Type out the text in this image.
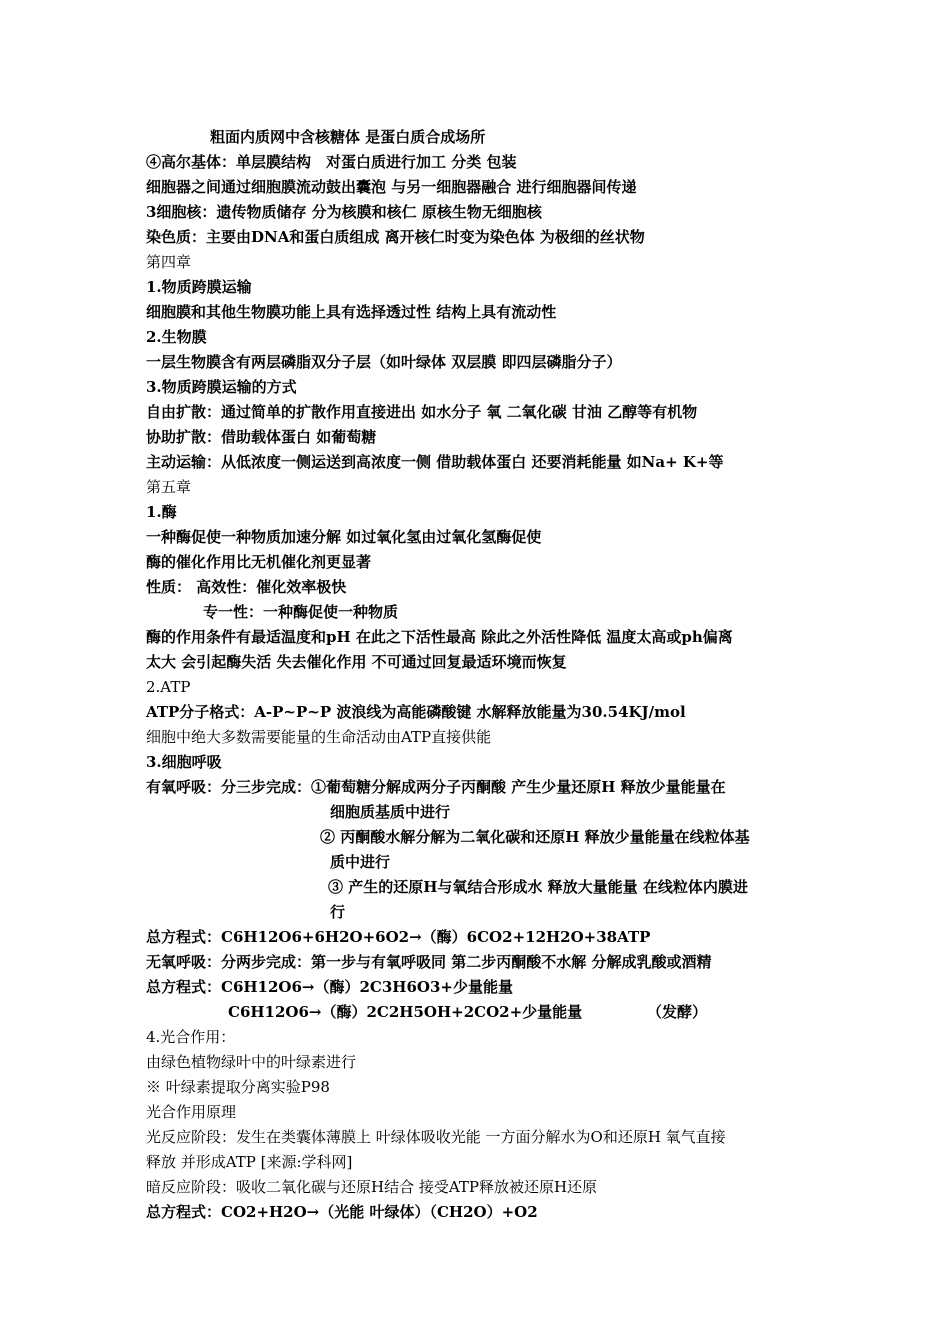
粗面内质网中含核糖体 是蛋白质合成场所
④高尔基体：单层膜结构　对蛋白质进行加工 分类 包装
细胞器之间通过细胞膜流动鼓出囊泡 与另一细胞器融合 进行细胞器间传递
3细胞核：遗传物质储存 分为核膜和核仁 原核生物无细胞核
染色质：主要由DNA和蛋白质组成 离开核仁时变为染色体 为极细的丝状物
第四章
1.物质跨膜运输
细胞膜和其他生物膜功能上具有选择透过性 结构上具有流动性
2.生物膜
一层生物膜含有两层磷脂双分子层（如叶绿体 双层膜 即四层磷脂分子）
3.物质跨膜运输的方式
自由扩散：通过简单的扩散作用直接进出 如水分子 氧 二氧化碳 甘油 乙醇等有机物
协助扩散：借助载体蛋白 如葡萄糖
主动运输：从低浓度一侧运送到高浓度一侧 借助载体蛋白 还要消耗能量 如Na+ K+等
第五章
1.酶
一种酶促使一种物质加速分解 如过氧化氢由过氧化氢酶促使
酶的催化作用比无机催化剂更显著
性质： 高效性：催化效率极快
专一性：一种酶促使一种物质
酶的作用条件有最适温度和pH 在此之下活性最高 除此之外活性降低 温度太高或ph偏离
太大 会引起酶失活 失去催化作用 不可通过回复最适环境而恢复
2.ATP
ATP分子格式：A-P~P~P 波浪线为高能磷酸键 水解释放能量为30.54KJ/mol
细胞中绝大多数需要能量的生命活动由ATP直接供能
3.细胞呼吸
有氧呼吸：分三步完成：①葡萄糖分解成两分子丙酮酸 产生少量还原H 释放少量能量在
细胞质基质中进行
② 丙酮酸水解分解为二氧化碳和还原H 释放少量能量在线粒体基
质中进行
③ 产生的还原H与氧结合形成水 释放大量能量 在线粒体内膜进
行
总方程式：C6H12O6+6H2O+6O2→（酶）6CO2+12H2O+38ATP
无氧呼吸：分两步完成：第一步与有氧呼吸同 第二步丙酮酸不水解 分解成乳酸或酒精
总方程式：C6H12O6→（酶）2C3H6O3+少量能量
C6H12O6→（酶）2C2H5OH+2CO2+少量能量	（发酵）
4.光合作用：
由绿色植物绿叶中的叶绿素进行
※ 叶绿素提取分离实验P98
光合作用原理
光反应阶段：发生在类囊体薄膜上 叶绿体吸收光能 一方面分解水为O和还原H 氧气直接
释放 并形成ATP [来源:学科网]
暗反应阶段：吸收二氧化碳与还原H结合 接受ATP释放被还原H还原
总方程式：CO2+H2O→（光能 叶绿体）（CH2O）+O2
